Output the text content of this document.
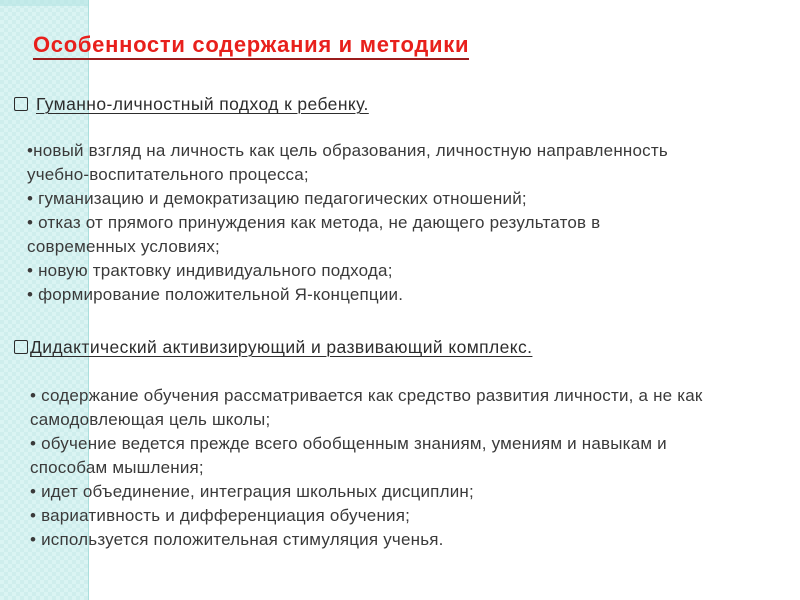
Особенности содержания и методики
Гуманно-личностный подход к ребенку.
•новый взгляд на личность как цель образования, личностную направленность
учебно-воспитательного процесса;
• гуманизацию и демократизацию педагогических отношений;
• отказ от прямого принуждения как метода, не дающего результатов в
современных условиях;
• новую трактовку индивидуального подхода;
• формирование положительной Я-концепции.
Дидактический активизирующий и развивающий комплекс.
• содержание обучения рассматривается как средство развития личности, а не как
самодовлеющая цель школы;
• обучение ведется прежде всего обобщенным знаниям, умениям и навыкам и
способам мышления;
• идет объединение, интеграция школьных дисциплин;
• вариативность и дифференциация обучения;
• используется положительная стимуляция ученья.
